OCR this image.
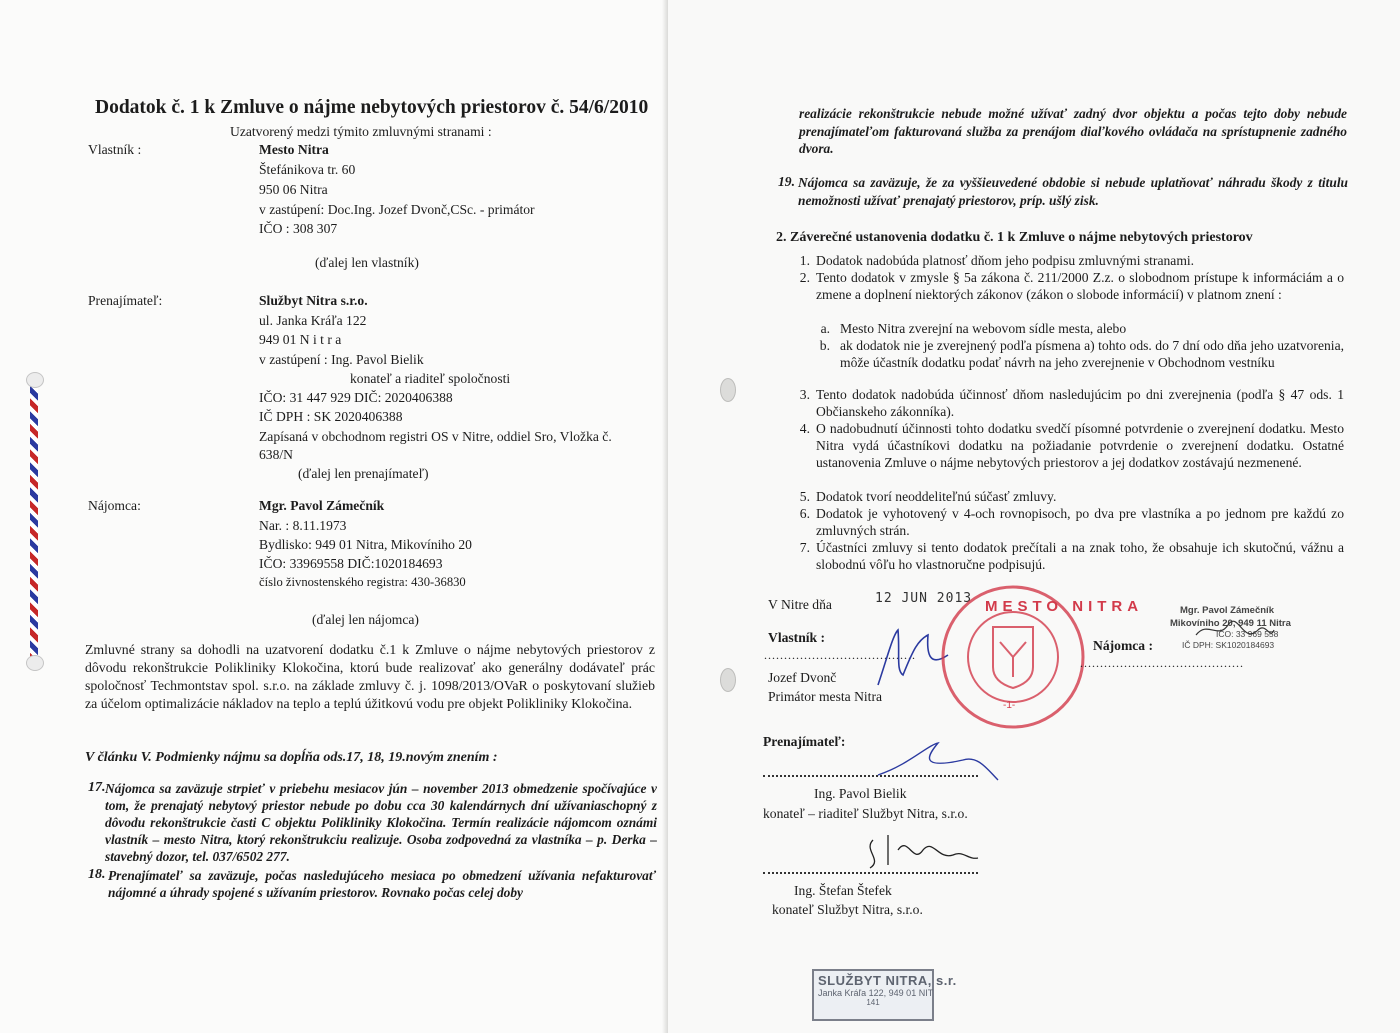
Dodatok č. 1 k Zmluve o nájme nebytových priestorov č. 54/6/2010
Uzatvorený medzi týmito zmluvnými stranami :
Vlastník :	Mesto Nitra
Štefánikova tr. 60
950 06 Nitra
v zastúpení: Doc.Ing. Jozef Dvonč,CSc. - primátor
IČO : 308 307
(ďalej len vlastník)
Prenajímateľ:	Službyt Nitra s.r.o.
ul. Janka Kráľa 122
949 01 N i t r a
v zastúpení : Ing. Pavol Bielik
konateľ a riaditeľ spoločnosti
IČO: 31 447 929 DIČ: 2020406388
IČ DPH : SK 2020406388
Zapísaná v obchodnom registri OS v Nitre, oddiel Sro, Vložka č.
638/N
(ďalej len prenajímateľ)
Nájomca:	Mgr. Pavol Zámečník
Nar. : 8.11.1973
Bydlisko: 949 01 Nitra, Mikovíniho 20
IČO: 33969558 DIČ:1020184693
číslo živnostenského registra: 430-36830
(ďalej len nájomca)
Zmluvné strany sa dohodli na uzatvorení dodatku č.1 k Zmluve o nájme nebytových priestorov z dôvodu rekonštrukcie Polikliniky Klokočina, ktorú bude realizovať ako generálny dodávateľ prác spoločnosť Techmontstav spol. s.r.o. na základe zmluvy č. j. 1098/2013/OVaR o poskytovaní služieb za účelom optimalizácie nákladov na teplo a teplú úžitkovú vodu pre objekt Polikliniky Klokočina.
V článku V. Podmienky nájmu sa dopĺňa ods.17, 18, 19.novým znením :
17. Nájomca sa zaväzuje strpieť v priebehu mesiacov jún – november 2013 obmedzenie spočívajúce v tom, že prenajatý nebytový priestor nebude po dobu cca 30 kalendárnych dní užívaniaschopný z dôvodu rekonštrukcie časti C objektu Polikliniky Klokočina. Termín realizácie nájomcom oznámi vlastník – mesto Nitra, ktorý rekonštrukciu realizuje. Osoba zodpovedná za vlastníka – p. Derka – stavebný dozor, tel. 037/6502 277.
18. Prenajímateľ sa zaväzuje, počas nasledujúceho mesiaca po obmedzení užívania nefakturovať nájomné a úhrady spojené s užívaním priestorov. Rovnako počas celej doby
realizácie rekonštrukcie nebude možné užívať zadný dvor objektu a počas tejto doby nebude prenajímateľom fakturovaná služba za prenájom diaľkového ovládača na sprístupnenie zadného dvora.
19. Nájomca sa zaväzuje, že za vyššieuvedené obdobie si nebude uplatňovať náhradu škody z titulu nemožnosti užívať prenajatý priestorov, príp. ušlý zisk.
2. Záverečné ustanovenia dodatku č. 1 k Zmluve o nájme nebytových priestorov
1. Dodatok nadobúda platnosť dňom jeho podpisu zmluvnými stranami.
2. Tento dodatok v zmysle § 5a zákona č. 211/2000 Z.z. o slobodnom prístupe k informáciám a o zmene a doplnení niektorých zákonov (zákon o slobode informácií) v platnom znení :
a. Mesto Nitra zverejní na webovom sídle mesta, alebo
b. ak dodatok nie je zverejnený podľa písmena a) tohto ods. do 7 dní odo dňa jeho uzatvorenia, môže účastník dodatku podať návrh na jeho zverejnenie v Obchodnom vestníku
3. Tento dodatok nadobúda účinnosť dňom nasledujúcim po dni zverejnenia (podľa § 47 ods. 1 Občianskeho zákonníka).
4. O nadobudnutí účinnosti tohto dodatku svedčí písomné potvrdenie o zverejnení dodatku. Mesto Nitra vydá účastníkovi dodatku na požiadanie potvrdenie o zverejnení dodatku. Ostatné ustanovenia Zmluve o nájme nebytových priestorov a jej dodatkov zostávajú nezmenené.
5. Dodatok tvorí neoddeliteľnú súčasť zmluvy.
6. Dodatok je vyhotovený v 4-och rovnopisoch, po dva pre vlastníka a po jednom pre každú zo zmluvných strán.
7. Účastníci zmluvy si tento dodatok prečítali a na znak toho, že obsahuje ich skutočnú, vážnu a slobodnú vôľu ho vlastnoručne podpisujú.
V Nitre dňa	12 JUN 2013
Vlastník :
......................................
Jozef Dvonč
Primátor mesta Nitra
MESTO NITRA
-1-
Nájomca :
.........................................
Mgr. Pavol Zámečník
Mikovíniho 20, 949 11 Nitra
IČO: 33 969 558
IČ DPH: SK1020184693
Prenajímateľ:
Ing. Pavol Bielik
konateľ – riaditeľ Službyt Nitra, s.r.o.
Ing. Štefan Štefek
konateľ Službyt Nitra, s.r.o.
SLUŽBYT NITRA, s.r.
Janka Kráľa 122, 949 01 NIT
141
